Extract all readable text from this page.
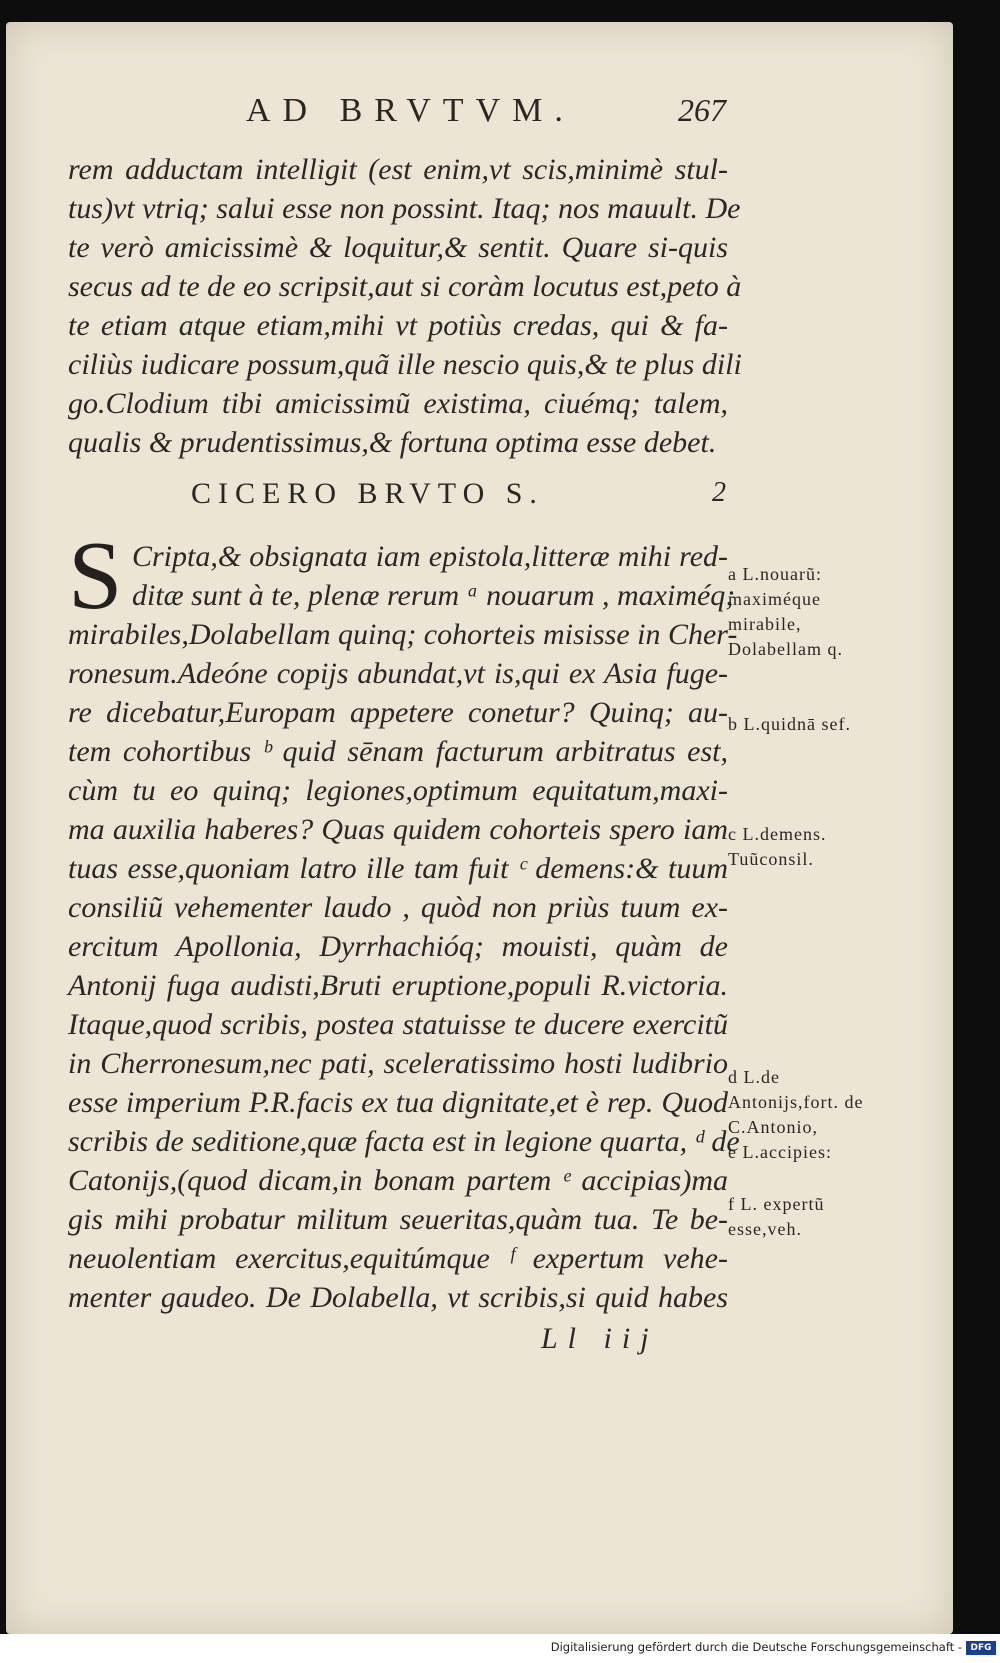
AD BRVTVM.	267
rem adductam intelligit (est enim,vt scis,minimè stul-
tus)vt vtriq; salui esse non possint. Itaq; nos mauult. De
te verò amicissimè & loquitur,& sentit. Quare si-quis
secus ad te de eo scripsit,aut si coràm locutus est,peto à
te etiam atque etiam,mihi vt potiùs credas, qui & fa-
ciliùs iudicare possum,quã ille nescio quis,& te plus dili
go.Clodium tibi amicissimũ existima, ciuémq; talem,
qualis & prudentissimus,& fortuna optima esse debet.
CICERO BRVTO S.	2
S Cripta,& obsignata iam epistola,litteræ mihi red-
ditæ sunt à te, plenæ rerum ᵃ nouarum , maximéq;
mirabiles,Dolabellam quinq; cohorteis misisse in Cher-
ronesum.Adeóne copijs abundat,vt is,qui ex Asia fuge-
re dicebatur,Europam appetere conetur? Quinq; au-
tem cohortibus ᵇ quid sēnam facturum arbitratus est,
cùm tu eo quinq; legiones,optimum equitatum,maxi-
ma auxilia haberes? Quas quidem cohorteis spero iam
tuas esse,quoniam latro ille tam fuit ᶜ demens:& tuum
consiliũ vehementer laudo , quòd non priùs tuum ex-
ercitum Apollonia, Dyrrhachióq; mouisti, quàm de
Antonij fuga audisti,Bruti eruptione,populi R.victoria.
Itaque,quod scribis, postea statuisse te ducere exercitũ
in Cherronesum,nec pati, sceleratissimo hosti ludibrio
esse imperium P.R.facis ex tua dignitate,et è rep. Quod
scribis de seditione,quæ facta est in legione quarta, ᵈ de
Catonijs,(quod dicam,in bonam partem ᵉ accipias)ma
gis mihi probatur militum seueritas,quàm tua. Te be-
neuolentiam exercitus,equitúmque ᶠ expertum vehe-
menter gaudeo. De Dolabella, vt scribis,si quid habes
a L.nouarũ: maximéque mirabile, Dolabellam q.
b L.quidnā sef.
c L.demens. Tuũconsil.
d L.de Antonijs,fort. de C.Antonio,
e L.accipies:
f L. expertũ esse,veh.
Ll iij
Digitalisierung gefördert durch die Deutsche Forschungsgemeinschaft - DFG
